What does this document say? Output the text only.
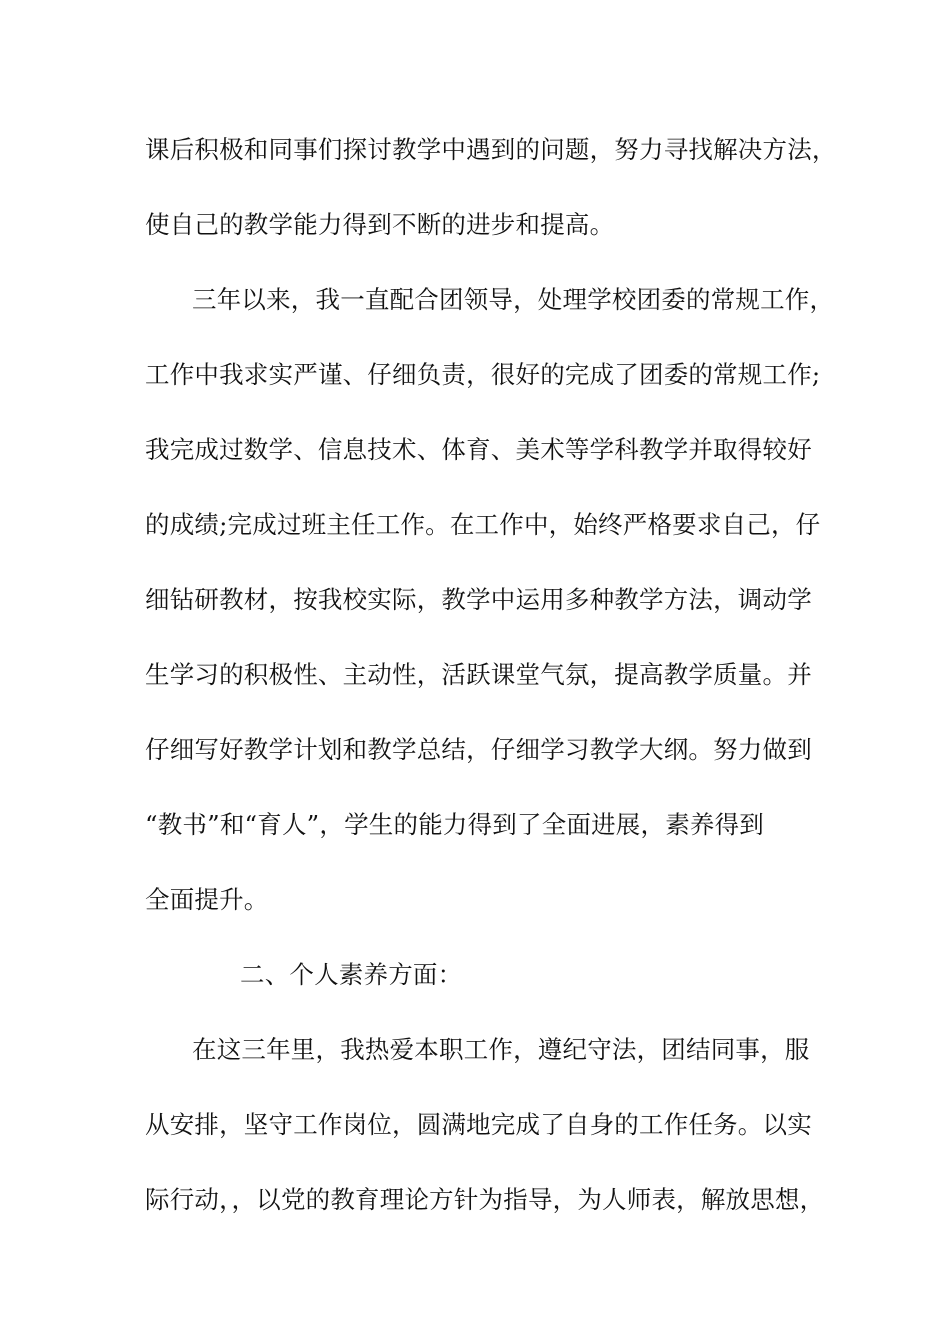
课后积极和同事们探讨教学中遇到的问题，努力寻找解决方法，
使自己的教学能力得到不断的进步和提高。
三年以来，我一直配合团领导，处理学校团委的常规工作，
工作中我求实严谨、仔细负责，很好的完成了团委的常规工作;
我完成过数学、信息技术、体育、美术等学科教学并取得较好
的成绩;完成过班主任工作。在工作中，始终严格要求自己，仔
细钻研教材，按我校实际，教学中运用多种教学方法，调动学
生学习的积极性、主动性，活跃课堂气氛，提高教学质量。并
仔细写好教学计划和教学总结，仔细学习教学大纲。努力做到
“教书”和“育人”，学生的能力得到了全面进展，素养得到
全面提升。
二、个人素养方面：
在这三年里，我热爱本职工作，遵纪守法，团结同事，服
从安排，坚守工作岗位，圆满地完成了自身的工作任务。以实
际行动，，以党的教育理论方针为指导，为人师表，解放思想，
